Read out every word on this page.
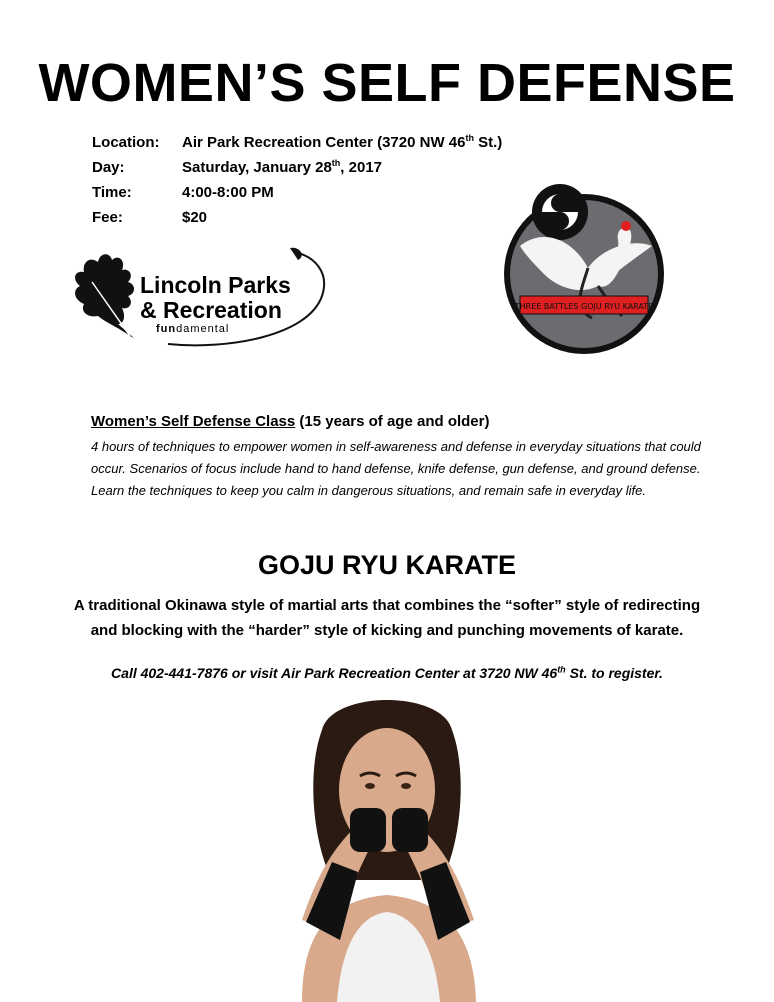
WOMEN’S SELF DEFENSE
Location: Air Park Recreation Center (3720 NW 46th St.)
Day:	Saturday, January 28th, 2017
Time:	4:00-8:00 PM
Fee:	$20
Lincoln Parks
& Recreation
fundamental
THREE BATTLES GOJU RYU KARATE
Women’s Self Defense Class (15 years of age and older)
4 hours of techniques to empower women in self-awareness and defense in everyday situations that could occur. Scenarios of focus include hand to hand defense, knife defense, gun defense, and ground defense. Learn the techniques to keep you calm in dangerous situations, and remain safe in everyday life.
GOJU RYU KARATE
A traditional Okinawa style of martial arts that combines the “softer” style of redirecting
and blocking with the “harder” style of kicking and punching movements of karate.
Call 402-441-7876 or visit Air Park Recreation Center at 3720 NW 46th St. to register.
